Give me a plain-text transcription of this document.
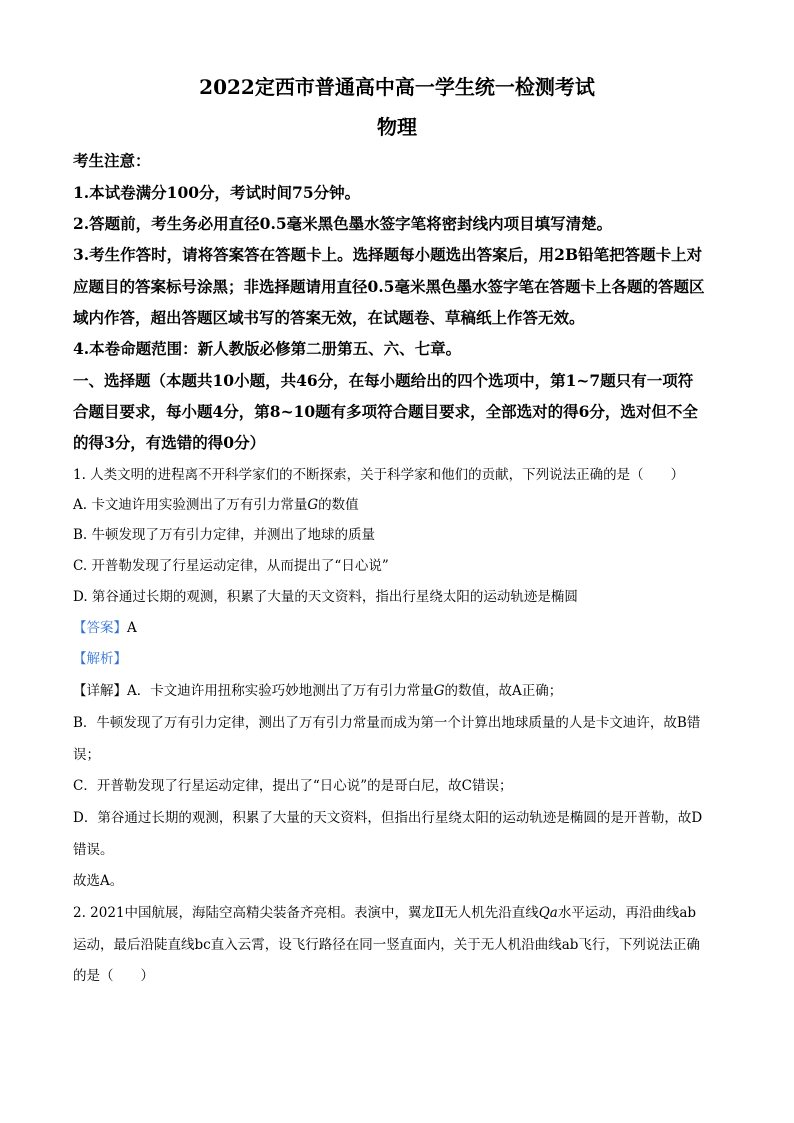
2022定西市普通高中高一学生统一检测考试
物理
考生注意：
1.本试卷满分100分，考试时间75分钟。
2.答题前，考生务必用直径0.5毫米黑色墨水签字笔将密封线内项目填写清楚。
3.考生作答时，请将答案答在答题卡上。选择题每小题选出答案后，用2B铅笔把答题卡上对
应题目的答案标号涂黑；非选择题请用直径0.5毫米黑色墨水签字笔在答题卡上各题的答题区
域内作答，超出答题区域书写的答案无效，在试题卷、草稿纸上作答无效。
4.本卷命题范围：新人教版必修第二册第五、六、七章。
一、选择题（本题共10小题，共46分，在每小题给出的四个选项中，第1~7题只有一项符
合题目要求，每小题4分，第8~10题有多项符合题目要求，全部选对的得6分，选对但不全
的得3分，有选错的得0分）
1. 人类文明的进程离不开科学家们的不断探索，关于科学家和他们的贡献，下列说法正确的是（　　）
A. 卡文迪许用实验测出了万有引力常量G的数值
B. 牛顿发现了万有引力定律，并测出了地球的质量
C. 开普勒发现了行星运动定律，从而提出了“日心说”
D. 第谷通过长期的观测，积累了大量的天文资料，指出行星绕太阳的运动轨迹是椭圆
【答案】A
【解析】
【详解】A．卡文迪许用扭称实验巧妙地测出了万有引力常量G的数值，故A正确；
B．牛顿发现了万有引力定律，测出了万有引力常量而成为第一个计算出地球质量的人是卡文迪许，故B错
误；
C．开普勒发现了行星运动定律，提出了“日心说”的是哥白尼，故C错误；
D．第谷通过长期的观测，积累了大量的天文资料，但指出行星绕太阳的运动轨迹是椭圆的是开普勒，故D
错误。
故选A。
2. 2021中国航展，海陆空高精尖装备齐亮相。表演中，翼龙Ⅱ无人机先沿直线Qa水平运动，再沿曲线ab
运动，最后沿陡直线bc直入云霄，设飞行路径在同一竖直面内，关于无人机沿曲线ab飞行，下列说法正确
的是（　　）
